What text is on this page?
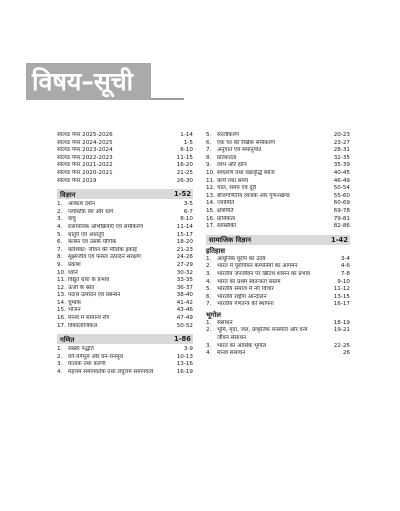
विषय–सूची
सॉल्व्ड पेपर 2025-2026	1-14
सॉल्व्ड पेपर 2024-2025	1-5
सॉल्व्ड पेपर 2023-2024	6-10
सॉल्व्ड पेपर 2022-2023	11-15
सॉल्व्ड पेपर 2021-2022	16-20
सॉल्व्ड पेपर 2020-2021	21-25
सॉल्व्ड पेपर 2019	26-30
विज्ञान	1-52
1.	आकाश दर्शन	3-5
2.	प्लास्टिक रेशे और धागे	6-7
3.	वायु	8-10
4.	रासायनिक अभिक्रियाएँ एवं समीकरण	11-14
5.	धातुएँ एवं अधातुएँ	15-17
6.	कार्बन एवं उसके यौगिक	18-20
7.	कोशिका: जीवन की मौलिक इकाई	21-23
8.	सूक्ष्मजीव एवं फसल उत्पादन संरक्षण	24-26
9.	प्रकाश	27-29
10. ध्वनि	30-32
11. विद्युत धारा के प्रभाव	33-35
12. ऊर्जा के स्रोत	36-37
13. पदार्थ उत्पादन एवं प्रबन्धन	38-40
14. चुम्बक	41-42
15. भोजन	43-46
16. मानव में सामान्य रोग	47-49
17. विकोलोजिकल	50-52
गणित	1-86
1.	संख्या पद्धति	3-9
2.	वर्ग-वर्गमूल और घन-घनमूल	10-13
3.	घातांक तथा करणी	13-16
4.	महत्तम समापवर्तक तथा लघुत्तम समापवर्त्य	16-19
5.	सरलीकरण	20-23
6.	एक चर की रैखिक समीकरण	23-27
7.	अनुपात एवं समानुपात	28-31
8.	प्रतिशतता	32-35
9.	लाभ और हानि	35-39
10. साधारण तथा चक्रवृद्धि ब्याज	40-45
11. कार्य तथा समय	46-49
12. चाल, समय एवं दूरी	50-54
13. बीजगणितीय व्यंजक और गुणनखण्ड	55-60
14. ज्यामिति	60-69
15. क्षेत्रमिति	69-78
16. प्रायिकता	79-81
17. सांख्यिकी	82-86
सामाजिक विज्ञान	1-42
इतिहास
1.	आधुनिक यूरोप का उदय	3-4
2.	भारत में यूरोपियन कम्पनियों का आगमन	4-6
3.	भारतीय जनजीवन पर ब्रिटिश शासन का प्रभाव	7-8
4.	भारत का प्रथम स्वतन्त्रता संग्राम	9-10
5.	भारतीय समाज में नए विचार	11-12
6.	भारतीय राष्ट्रीय आन्दोलन	13-15
7.	भारतीय गणतन्त्र की स्थापना	16-17
भूगोल
1.	संसाधन	18-19
2.	भूमि, मृदा, जल, प्राकृतिक वनस्पति और वन्य जीवन संसाधन
19-21
3.	भारत का आर्थिक भूगोल	22-25
4.	मानव संसाधन	26
